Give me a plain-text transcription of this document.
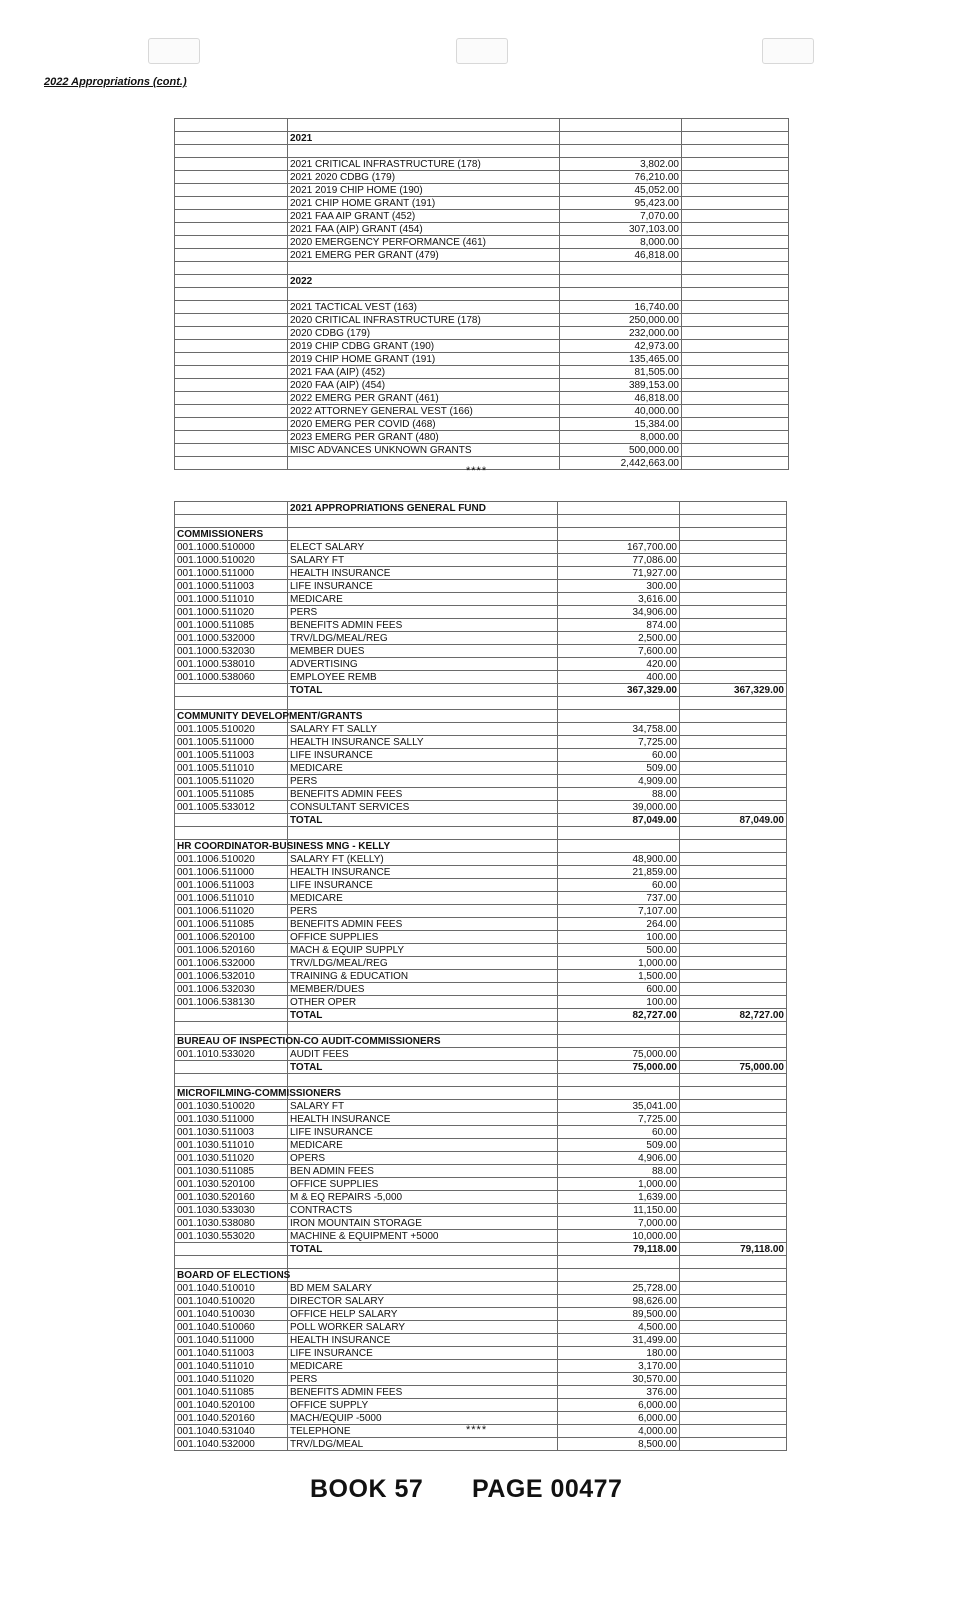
2022 Appropriations (cont.)

	2021		

	2021 CRITICAL INFRASTRUCTURE (178)	3,802.00	
	2021 2020 CDBG (179)	76,210.00	
	2021 2019 CHIP HOME (190)	45,052.00	
	2021 CHIP HOME GRANT (191)	95,423.00	
	2021 FAA AIP GRANT (452)	7,070.00	
	2021 FAA (AIP) GRANT (454)	307,103.00	
	2020 EMERGENCY PERFORMANCE (461)	8,000.00	
	2021 EMERG PER GRANT (479)	46,818.00	

	2022		

	2021 TACTICAL VEST (163)	16,740.00	
	2020 CRITICAL INFRASTRUCTURE (178)	250,000.00	
	2020 CDBG (179)	232,000.00	
	2019 CHIP CDBG GRANT (190)	42,973.00	
	2019 CHIP HOME GRANT (191)	135,465.00	
	2021 FAA (AIP) (452)	81,505.00	
	2020 FAA (AIP) (454)	389,153.00	
	2022 EMERG PER GRANT (461)	46,818.00	
	2022 ATTORNEY GENERAL VEST (166)	40,000.00	
	2020 EMERG PER COVID (468)	15,384.00	
	2023 EMERG PER GRANT (480)	8,000.00	
	MISC ADVANCES UNKNOWN GRANTS	500,000.00	
		2,442,663.00	
****
	2021 APPROPRIATIONS GENERAL FUND		

COMMISSIONERS			
001.1000.510000	ELECT SALARY	167,700.00	
001.1000.510020	SALARY FT	77,086.00	
001.1000.511000	HEALTH INSURANCE	71,927.00	
001.1000.511003	LIFE INSURANCE	300.00	
001.1000.511010	MEDICARE	3,616.00	
001.1000.511020	PERS	34,906.00	
001.1000.511085	BENEFITS ADMIN FEES	874.00	
001.1000.532000	TRV/LDG/MEAL/REG	2,500.00	
001.1000.532030	MEMBER DUES	7,600.00	
001.1000.538010	ADVERTISING	420.00	
001.1000.538060	EMPLOYEE REMB	400.00	
	TOTAL	367,329.00	367,329.00

COMMUNITY DEVELOPMENT/GRANTS			
001.1005.510020	SALARY FT SALLY	34,758.00	
001.1005.511000	HEALTH INSURANCE SALLY	7,725.00	
001.1005.511003	LIFE INSURANCE	60.00	
001.1005.511010	MEDICARE	509.00	
001.1005.511020	PERS	4,909.00	
001.1005.511085	BENEFITS ADMIN FEES	88.00	
001.1005.533012	CONSULTANT SERVICES	39,000.00	
	TOTAL	87,049.00	87,049.00

HR COORDINATOR-BUSINESS MNG - KELLY			
001.1006.510020	SALARY FT (KELLY)	48,900.00	
001.1006.511000	HEALTH INSURANCE	21,859.00	
001.1006.511003	LIFE INSURANCE	60.00	
001.1006.511010	MEDICARE	737.00	
001.1006.511020	PERS	7,107.00	
001.1006.511085	BENEFITS ADMIN FEES	264.00	
001.1006.520100	OFFICE SUPPLIES	100.00	
001.1006.520160	MACH & EQUIP SUPPLY	500.00	
001.1006.532000	TRV/LDG/MEAL/REG	1,000.00	
001.1006.532010	TRAINING & EDUCATION	1,500.00	
001.1006.532030	MEMBER/DUES	600.00	
001.1006.538130	OTHER OPER	100.00	
	TOTAL	82,727.00	82,727.00

BUREAU OF INSPECTION-CO AUDIT-COMMISSIONERS			
001.1010.533020	AUDIT FEES	75,000.00	
	TOTAL	75,000.00	75,000.00

MICROFILMING-COMMISSIONERS			
001.1030.510020	SALARY FT	35,041.00	
001.1030.511000	HEALTH INSURANCE	7,725.00	
001.1030.511003	LIFE INSURANCE	60.00	
001.1030.511010	MEDICARE	509.00	
001.1030.511020	OPERS	4,906.00	
001.1030.511085	BEN ADMIN FEES	88.00	
001.1030.520100	OFFICE SUPPLIES	1,000.00	
001.1030.520160	M & EQ REPAIRS -5,000	1,639.00	
001.1030.533030	CONTRACTS	11,150.00	
001.1030.538080	IRON MOUNTAIN STORAGE	7,000.00	
001.1030.553020	MACHINE & EQUIPMENT +5000	10,000.00	
	TOTAL	79,118.00	79,118.00

BOARD OF ELECTIONS			
001.1040.510010	BD MEM SALARY	25,728.00	
001.1040.510020	DIRECTOR SALARY	98,626.00	
001.1040.510030	OFFICE HELP SALARY	89,500.00	
001.1040.510060	POLL WORKER SALARY	4,500.00	
001.1040.511000	HEALTH INSURANCE	31,499.00	
001.1040.511003	LIFE INSURANCE	180.00	
001.1040.511010	MEDICARE	3,170.00	
001.1040.511020	PERS	30,570.00	
001.1040.511085	BENEFITS ADMIN FEES	376.00	
001.1040.520100	OFFICE SUPPLY	6,000.00	
001.1040.520160	MACH/EQUIP -5000	6,000.00	
001.1040.531040	TELEPHONE	4,000.00	
001.1040.532000	TRV/LDG/MEAL	8,500.00	
****
BOOK 57 PAGE 00477
